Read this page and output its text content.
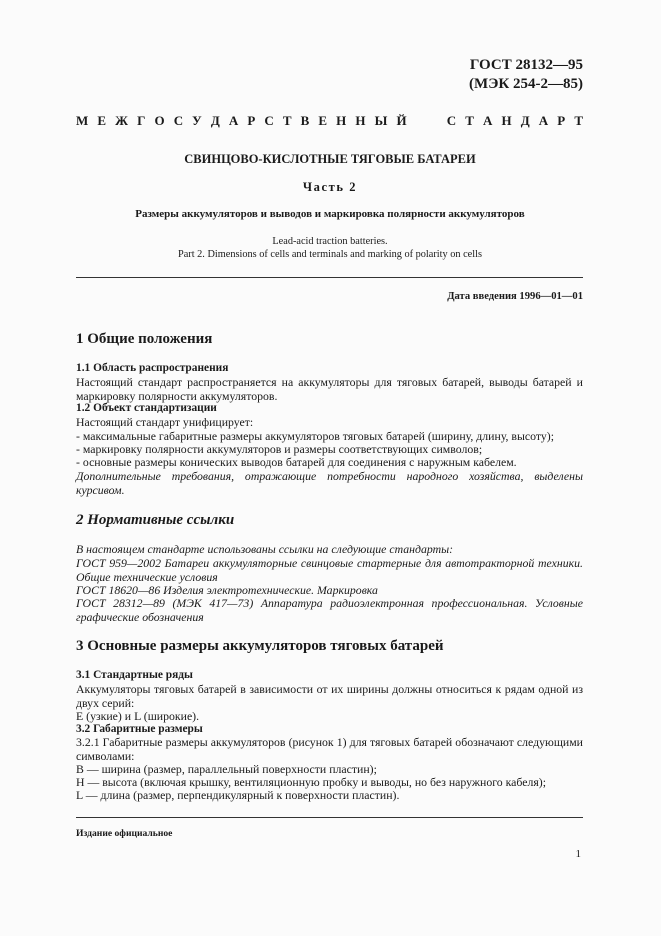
ГОСТ 28132—95
(МЭК 254-2—85)
М Е Ж Г О С У Д А Р С Т В Е Н Н Ы Й	С Т А Н Д А Р Т
СВИНЦОВО-КИСЛОТНЫЕ ТЯГОВЫЕ БАТАРЕИ
Часть 2
Размеры аккумуляторов и выводов и маркировка полярности аккумуляторов
Lead-acid traction batteries.
Part 2. Dimensions of cells and terminals and marking of polarity on cells
Дата введения 1996—01—01
1 Общие положения
1.1 Область распространения
Настоящий стандарт распространяется на аккумуляторы для тяговых батарей, выводы батарей и маркировку полярности аккумуляторов.
1.2 Объект стандартизации
Настоящий стандарт унифицирует:
- максимальные габаритные размеры аккумуляторов тяговых батарей (ширину, длину, высоту);
- маркировку полярности аккумуляторов и размеры соответствующих символов;
- основные размеры конических выводов батарей для соединения с наружным кабелем.
Дополнительные требования, отражающие потребности народного хозяйства, выделены курсивом.
2 Нормативные ссылки
В настоящем стандарте использованы ссылки на следующие стандарты:
ГОСТ 959—2002 Батареи аккумуляторные свинцовые стартерные для автотракторной техники. Общие технические условия
ГОСТ 18620—86 Изделия электротехнические. Маркировка
ГОСТ 28312—89 (МЭК 417—73) Аппаратура радиоэлектронная профессиональная. Условные графические обозначения
3 Основные размеры аккумуляторов тяговых батарей
3.1 Стандартные ряды
Аккумуляторы тяговых батарей в зависимости от их ширины должны относиться к рядам одной из двух серий:
Е (узкие) и L (широкие).
3.2 Габаритные размеры
3.2.1 Габаритные размеры аккумуляторов (рисунок 1) для тяговых батарей обозначают следующими символами:
B — ширина (размер, параллельный поверхности пластин);
H — высота (включая крышку, вентиляционную пробку и выводы, но без наружного кабеля);
L — длина (размер, перпендикулярный к поверхности пластин).
Издание официальное
1
